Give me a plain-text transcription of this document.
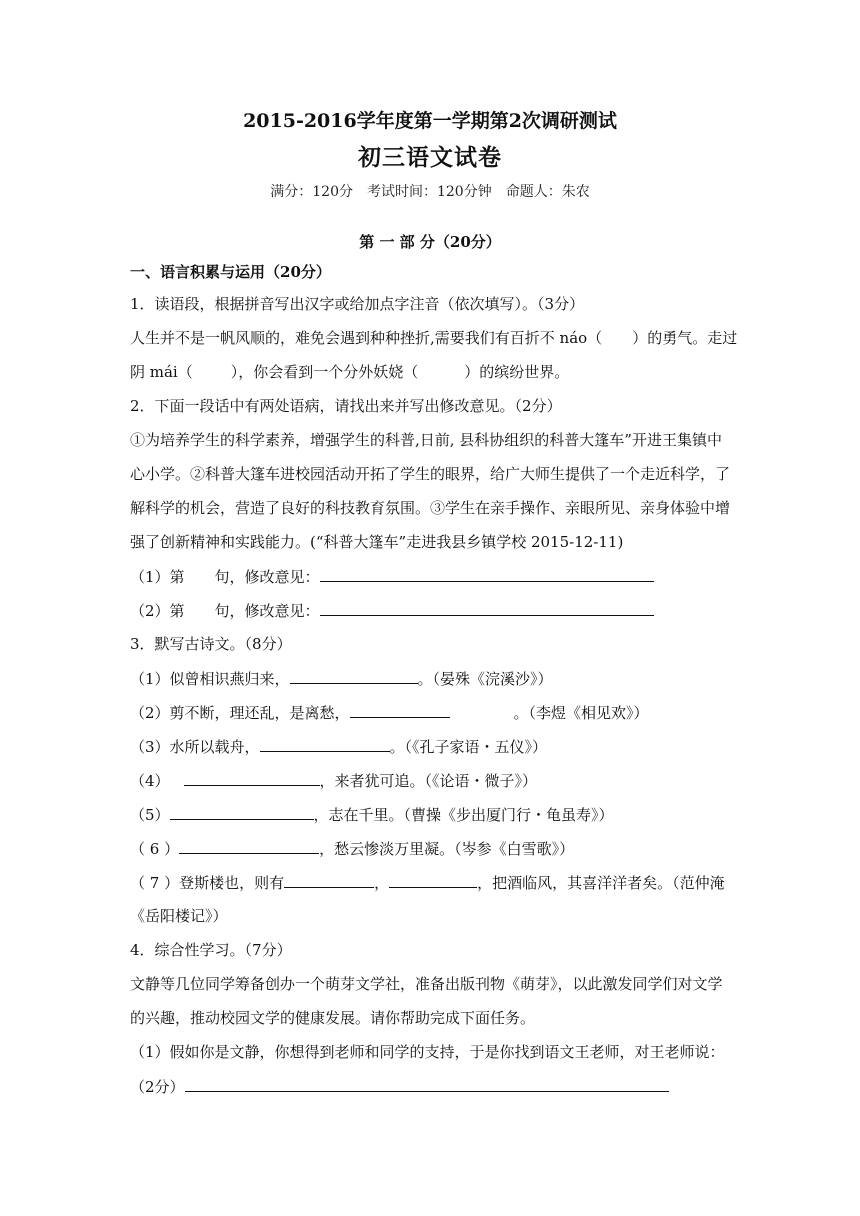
2015-2016学年度第一学期第2次调研测试
初三语文试卷
满分：120分　考试时间：120分钟　命题人：朱农
第 一 部 分（20分）
一、语言积累与运用（20分）
1．读语段，根据拼音写出汉字或给加点字注音（依次填写）。（3分）
人生并不是一帆风顺的，难免会遇到种种挫折,需要我们有百折不 náo（ ）的勇气。走过
阴 mái（	），你会看到一个分外妖娆（	）的缤纷世界。
2．下面一段话中有两处语病，请找出来并写出修改意见。（2分）
①为培养学生的科学素养，增强学生的科普,日前, 县科协组织的科普大篷车”开进王集镇中
心小学。②科普大篷车进校园活动开拓了学生的眼界，给广大师生提供了一个走近科学，了
解科学的机会，营造了良好的科技教育氛围。③学生在亲手操作、亲眼所见、亲身体验中增
强了创新精神和实践能力。(“科普大篷车”走进我县乡镇学校 2015-12-11)
（1）第 句，修改意见：
（2）第 句，修改意见：
3．默写古诗文。（8分）
（1）似曾相识燕归来，	。（晏殊《浣溪沙》）
（2）剪不断，理还乱，是离愁，	。（李煜《相见欢》）
（3）水所以载舟，	。（《孔子家语・五仪》）
（4）	，来者犹可追。（《论语・微子》）
（5）	，志在千里。（曹操《步出厦门行・龟虽寿》）
（ 6 ）	，愁云惨淡万里凝。（岑参《白雪歌》）
（ 7 ）登斯楼也，则有	，	，把酒临风，其喜洋洋者矣。（范仲淹
《岳阳楼记》）
4．综合性学习。（7分）
文静等几位同学筹备创办一个萌芽文学社，准备出版刊物《萌芽》，以此激发同学们对文学
的兴趣，推动校园文学的健康发展。请你帮助完成下面任务。
（1）假如你是文静，你想得到老师和同学的支持，于是你找到语文王老师，对王老师说：
（2分）
